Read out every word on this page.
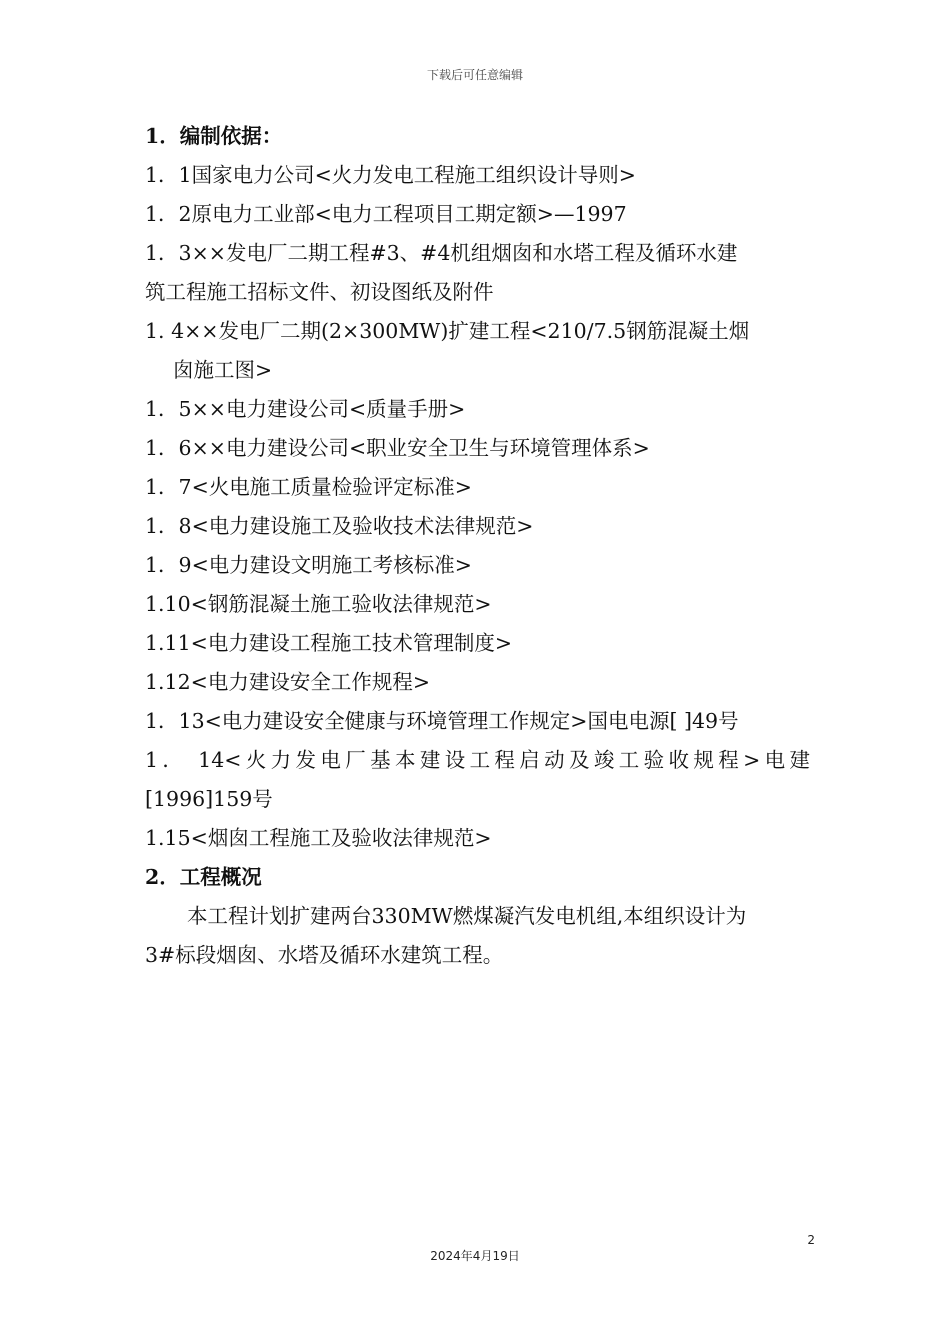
下载后可任意编辑
1．编制依据：
1．1国家电力公司<火力发电工程施工组织设计导则>
1．2原电力工业部<电力工程项目工期定额>—1997
1．3××发电厂二期工程#3、#4机组烟囱和水塔工程及循环水建
筑工程施工招标文件、初设图纸及附件
1. 4××发电厂二期(2×300MW)扩建工程<210/7.5钢筋混凝土烟
囱施工图>
1．5××电力建设公司<质量手册>
1．6××电力建设公司<职业安全卫生与环境管理体系>
1．7<火电施工质量检验评定标准>
1．8<电力建设施工及验收技术法律规范>
1．9<电力建设文明施工考核标准>
1.10<钢筋混凝土施工验收法律规范>
1.11<电力建设工程施工技术管理制度>
1.12<电力建设安全工作规程>
1．13<电力建设安全健康与环境管理工作规定>国电电源[ ]49号
1． 14<火力发电厂基本建设工程启动及竣工验收规程>电建
[1996]159号
1.15<烟囱工程施工及验收法律规范>
2．工程概况
本工程计划扩建两台330MW燃煤凝汽发电机组,本组织设计为
3#标段烟囱、水塔及循环水建筑工程。
2
2024年4月19日
